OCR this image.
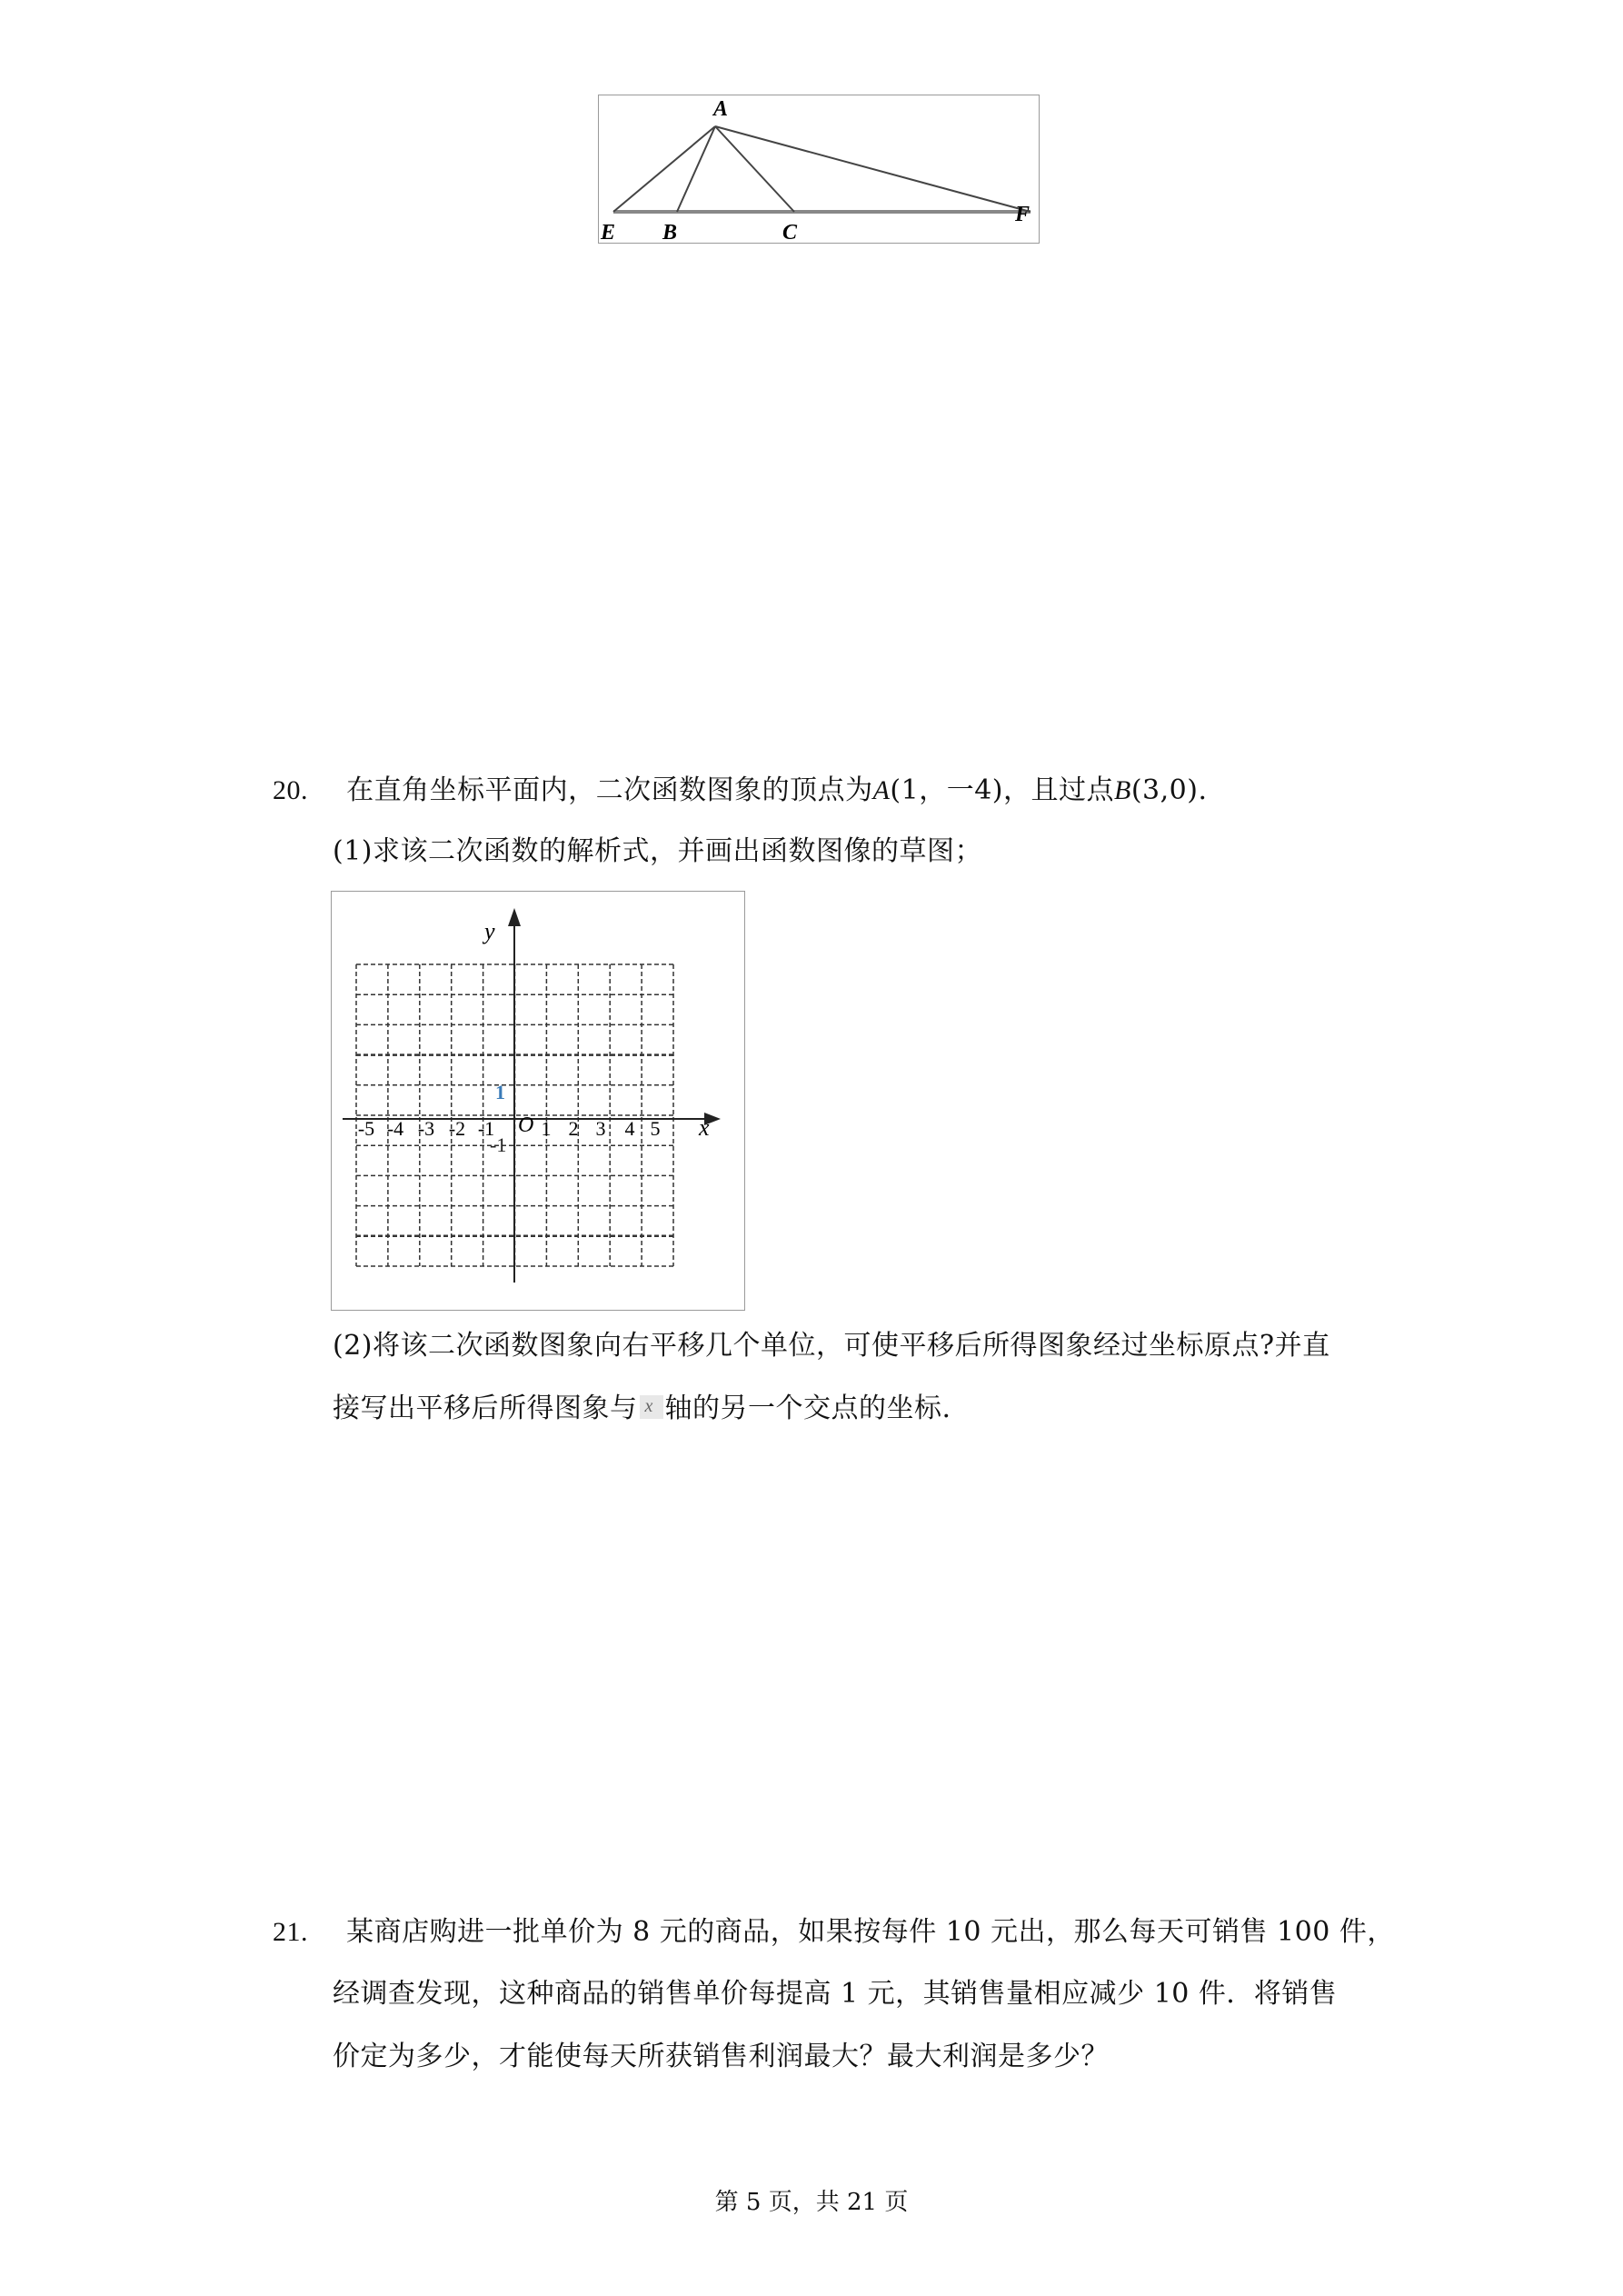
A
E B	C
F
20. 在直角坐标平面内，二次函数图象的顶点为A(1，一4)，且过点B(3,0).
(1)求该二次函数的解析式，并画出函数图像的草图；
y
x
O
1
-1
-5 -4 -3 -2 -1 1 2 3 4 5
(2)将该二次函数图象向右平移几个单位，可使平移后所得图象经过坐标原点?并直
接写出平移后所得图象与 x 轴的另一个交点的坐标.
21. 某商店购进一批单价为 8 元的商品，如果按每件 10 元出，那么每天可销售 100 件，
经调查发现，这种商品的销售单价每提高 1 元，其销售量相应减少 10 件．将销售
价定为多少，才能使每天所获销售利润最大？最大利润是多少？
第 5 页，共 21 页
